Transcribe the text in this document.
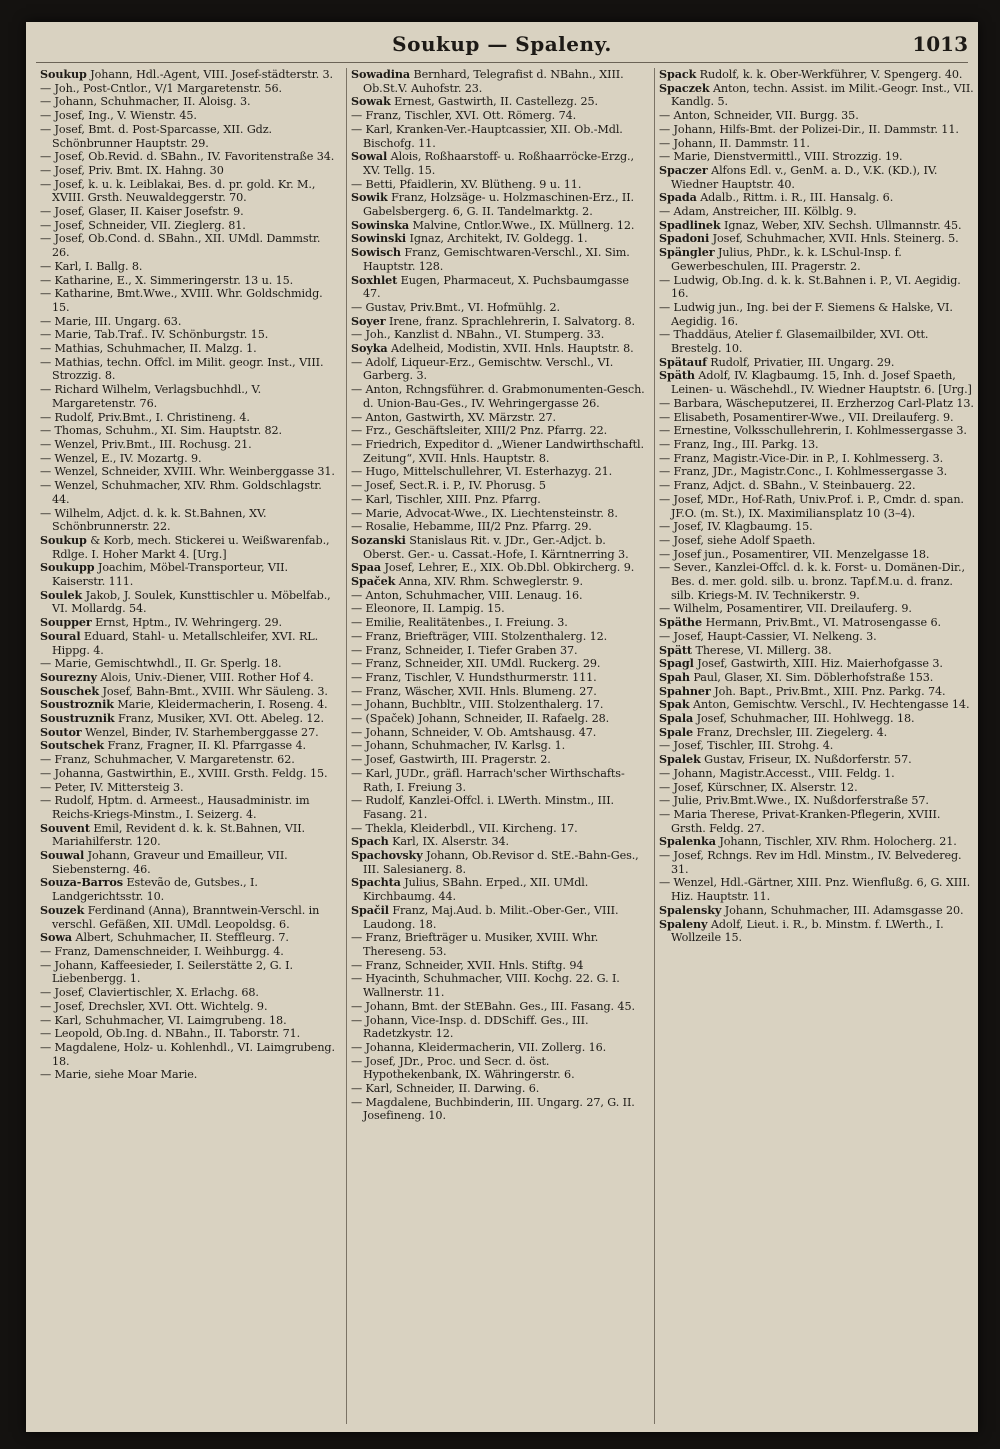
Soukup — Spaleny.	1013

Soukup Johann, Hdl.-Agent, VIII. Josef-städterstr. 3.

— Joh., Post-Cntlor., V/1 Margaretenstr. 56.

— Johann, Schuhmacher, II. Aloisg. 3.

— Josef, Ing., V. Wienstr. 45.

— Josef, Bmt. d. Post-Sparcasse, XII. Gdz. Schönbrunner Hauptstr. 29.

— Josef, Ob.Revid. d. SBahn., IV. Favoritenstraße 34.

— Josef, Priv. Bmt. IX. Hahng. 30

— Josef, k. u. k. Leiblakai, Bes. d. pr. gold. Kr. M., XVIII. Grsth. Neuwaldeggerstr. 70.

— Josef, Glaser, II. Kaiser Josefstr. 9.

— Josef, Schneider, VII. Zieglerg. 81.

— Josef, Ob.Cond. d. SBahn., XII. UMdl. Dammstr. 26.

— Karl, I. Ballg. 8.

— Katharine, E., X. Simmeringerstr. 13 u. 15.

— Katharine, Bmt.Wwe., XVIII. Whr. Goldschmidg. 15.

— Marie, III. Ungarg. 63.

— Marie, Tab.Traf.. IV. Schönburgstr. 15.

— Mathias, Schuhmacher, II. Malzg. 1.

— Mathias, techn. Offcl. im Milit. geogr. Inst., VIII. Strozzig. 8.

— Richard Wilhelm, Verlagsbuchhdl., V. Margaretenstr. 76.

— Rudolf, Priv.Bmt., I. Christineng. 4.

— Thomas, Schuhm., XI. Sim. Hauptstr. 82.

— Wenzel, Priv.Bmt., III. Rochusg. 21.

— Wenzel, E., IV. Mozartg. 9.

— Wenzel, Schneider, XVIII. Whr. Weinberggasse 31.

— Wenzel, Schuhmacher, XIV. Rhm. Goldschlagstr. 44.

— Wilhelm, Adjct. d. k. k. St.Bahnen, XV. Schönbrunnerstr. 22.

Soukup & Korb, mech. Stickerei u. Weißwarenfab., Rdlge. I. Hoher Markt 4. [Urg.]

Soukupp Joachim, Möbel-Transporteur, VII. Kaiserstr. 111.

Soulek Jakob, J. Soulek, Kunsttischler u. Möbelfab., VI. Mollardg. 54.

Soupper Ernst, Hptm., IV. Wehringerg. 29.

Soural Eduard, Stahl- u. Metallschleifer, XVI. RL. Hippg. 4.

— Marie, Gemischtwhdl., II. Gr. Sperlg. 18.

Sourezny Alois, Univ.-Diener, VIII. Rother Hof 4.

Souschek Josef, Bahn-Bmt., XVIII. Whr Säuleng. 3.

Soustroznik Marie, Kleidermacherin, I. Roseng. 4.

Soustruznik Franz, Musiker, XVI. Ott. Abeleg. 12.

Soutor Wenzel, Binder, IV. Starhemberggasse 27.

Soutschek Franz, Fragner, II. Kl. Pfarrgasse 4.

— Franz, Schuhmacher, V. Margaretenstr. 62.

— Johanna, Gastwirthin, E., XVIII. Grsth. Feldg. 15.

— Peter, IV. Mittersteig 3.

— Rudolf, Hptm. d. Armeest., Hausadministr. im Reichs-Kriegs-Minstm., I. Seizerg. 4.

Souvent Emil, Revident d. k. k. St.Bahnen, VII. Mariahilferstr. 120.

Souwal Johann, Graveur und Emailleur, VII. Siebensterng. 46.

Souza-Barros Estevão de, Gutsbes., I. Landgerichtsstr. 10.

Souzek Ferdinand (Anna), Branntwein-Verschl. in verschl. Gefäßen, XII. UMdl. Leopoldsg. 6.

Sowa Albert, Schuhmacher, II. Steffleurg. 7.

— Franz, Damenschneider, I. Weihburgg. 4.

— Johann, Kaffeesieder, I. Seilerstätte 2, G. I. Liebenbergg. 1.

— Josef, Claviertischler, X. Erlachg. 68.

— Josef, Drechsler, XVI. Ott. Wichtelg. 9.

— Karl, Schuhmacher, VI. Laimgrubeng. 18.

— Leopold, Ob.Ing. d. NBahn., II. Taborstr. 71.

— Magdalene, Holz- u. Kohlenhdl., VI. Laimgrubeng. 18.

— Marie, siehe Moar Marie.

Sowadina Bernhard, Telegrafist d. NBahn., XIII. Ob.St.V. Auhofstr. 23.

Sowak Ernest, Gastwirth, II. Castellezg. 25.

— Franz, Tischler, XVI. Ott. Römerg. 74.

— Karl, Kranken-Ver.-Hauptcassier, XII. Ob.-Mdl. Bischofg. 11.

Sowal Alois, Roßhaarstoff- u. Roßhaarröcke-Erzg., XV. Tellg. 15.

— Betti, Pfaidlerin, XV. Blütheng. 9 u. 11.

Sowik Franz, Holzsäge- u. Holzmaschinen-Erz., II. Gabelsbergerg. 6, G. II. Tandelmarktg. 2.

Sowinska Malvine, Cntlor.Wwe., IX. Müllnerg. 12.

Sowinski Ignaz, Architekt, IV. Goldegg. 1.

Sowisch Franz, Gemischtwaren-Verschl., XI. Sim. Hauptstr. 128.

Soxhlet Eugen, Pharmaceut, X. Puchsbaumgasse 47.

— Gustav, Priv.Bmt., VI. Hofmühlg. 2.

Soyer Irene, franz. Sprachlehrerin, I. Salvatorg. 8.

— Joh., Kanzlist d. NBahn., VI. Stumperg. 33.

Soyka Adelheid, Modistin, XVII. Hnls. Hauptstr. 8.

— Adolf, Liqueur-Erz., Gemischtw. Verschl., VI. Garberg. 3.

— Anton, Rchngsführer. d. Grabmonumenten-Gesch. d. Union-Bau-Ges., IV. Wehringergasse 26.

— Anton, Gastwirth, XV. Märzstr. 27.

— Frz., Geschäftsleiter, XIII/2 Pnz. Pfarrg. 22.

— Friedrich, Expeditor d. „Wiener Landwirthschaftl. Zeitung“, XVII. Hnls. Hauptstr. 8.

— Hugo, Mittelschullehrer, VI. Esterhazyg. 21.

— Josef, Sect.R. i. P., IV. Phorusg. 5

— Karl, Tischler, XIII. Pnz. Pfarrg.

— Marie, Advocat-Wwe., IX. Liechtensteinstr. 8.

— Rosalie, Hebamme, III/2 Pnz. Pfarrg. 29.

Sozanski Stanislaus Rit. v. JDr., Ger.-Adjct. b. Oberst. Ger.- u. Cassat.-Hofe, I. Kärntnerring 3.

Spaa Josef, Lehrer, E., XIX. Ob.Dbl. Obkircherg. 9.

Spaček Anna, XIV. Rhm. Schweglerstr. 9.

— Anton, Schuhmacher, VIII. Lenaug. 16.

— Eleonore, II. Lampig. 15.

— Emilie, Realitätenbes., I. Freiung. 3.

— Franz, Briefträger, VIII. Stolzenthalerg. 12.

— Franz, Schneider, I. Tiefer Graben 37.

— Franz, Schneider, XII. UMdl. Ruckerg. 29.

— Franz, Tischler, V. Hundsthurmerstr. 111.

— Franz, Wäscher, XVII. Hnls. Blumeng. 27.

— Johann, Buchbltr., VIII. Stolzenthalerg. 17.

— (Spaček) Johann, Schneider, II. Rafaelg. 28.

— Johann, Schneider, V. Ob. Amtshausg. 47.

— Johann, Schuhmacher, IV. Karlsg. 1.

— Josef, Gastwirth, III. Pragerstr. 2.

— Karl, JUDr., gräfl. Harrach'scher Wirthschafts-Rath, I. Freiung 3.

— Rudolf, Kanzlei-Offcl. i. LWerth. Minstm., III. Fasang. 21.

— Thekla, Kleiderbdl., VII. Kircheng. 17.

Spach Karl, IX. Alserstr. 34.

Spachovsky Johann, Ob.Revisor d. StE.-Bahn-Ges., III. Salesianerg. 8.

Spachta Julius, SBahn. Erped., XII. UMdl. Kirchbaumg. 44.

Spačil Franz, Maj.Aud. b. Milit.-Ober-Ger., VIII. Laudong. 18.

— Franz, Briefträger u. Musiker, XVIII. Whr. Thereseng. 53.

— Franz, Schneider, XVII. Hnls. Stiftg. 94

— Hyacinth, Schuhmacher, VIII. Kochg. 22. G. I. Wallnerstr. 11.

— Johann, Bmt. der StEBahn. Ges., III. Fasang. 45.

— Johann, Vice-Insp. d. DDSchiff. Ges., III. Radetzkystr. 12.

— Johanna, Kleidermacherin, VII. Zollerg. 16.

— Josef, JDr., Proc. und Secr. d. öst. Hypothekenbank, IX. Währingerstr. 6.

— Karl, Schneider, II. Darwing. 6.

— Magdalene, Buchbinderin, III. Ungarg. 27, G. II. Josefineng. 10.

Spack Rudolf, k. k. Ober-Werkführer, V. Spengerg. 40.

Spaczek Anton, techn. Assist. im Milit.-Geogr. Inst., VII. Kandlg. 5.

— Anton, Schneider, VII. Burgg. 35.

— Johann, Hilfs-Bmt. der Polizei-Dir., II. Dammstr. 11.

— Johann, II. Dammstr. 11.

— Marie, Dienstvermittl., VIII. Strozzig. 19.

Spaczer Alfons Edl. v., GenM. a. D., V.K. (KD.), IV. Wiedner Hauptstr. 40.

Spada Adalb., Rittm. i. R., III. Hansalg. 6.

— Adam, Anstreicher, III. Kölblg. 9.

Spadlinek Ignaz, Weber, XIV. Sechsh. Ullmannstr. 45.

Spadoni Josef, Schuhmacher, XVII. Hnls. Steinerg. 5.

Spängler Julius, PhDr., k. k. LSchul-Insp. f. Gewerbeschulen, III. Pragerstr. 2.

— Ludwig, Ob.Ing. d. k. k. St.Bahnen i. P., VI. Aegidig. 16.

— Ludwig jun., Ing. bei der F. Siemens & Halske, VI. Aegidig. 16.

— Thaddäus, Atelier f. Glasemailbilder, XVI. Ott. Brestelg. 10.

Spätauf Rudolf, Privatier, III. Ungarg. 29.

Späth Adolf, IV. Klagbaumg. 15, Inh. d. Josef Spaeth, Leinen- u. Wäschehdl., IV. Wiedner Hauptstr. 6. [Urg.]

— Barbara, Wäscheputzerei, II. Erzherzog Carl-Platz 13.

— Elisabeth, Posamentirer-Wwe., VII. Dreilauferg. 9.

— Ernestine, Volksschullehrerin, I. Kohlmessergasse 3.

— Franz, Ing., III. Parkg. 13.

— Franz, Magistr.-Vice-Dir. in P., I. Kohlmesserg. 3.

— Franz, JDr., Magistr.Conc., I. Kohlmessergasse 3.

— Franz, Adjct. d. SBahn., V. Steinbauerg. 22.

— Josef, MDr., Hof-Rath, Univ.Prof. i. P., Cmdr. d. span. JF.O. (m. St.), IX. Maximiliansplatz 10 (3–4).

— Josef, IV. Klagbaumg. 15.

— Josef, siehe Adolf Spaeth.

— Josef jun., Posamentirer, VII. Menzelgasse 18.

— Sever., Kanzlei-Offcl. d. k. k. Forst- u. Domänen-Dir., Bes. d. mer. gold. silb. u. bronz. Tapf.M.u. d. franz. silb. Kriegs-M. IV. Technikerstr. 9.

— Wilhelm, Posamentirer, VII. Dreilauferg. 9.

Späthe Hermann, Priv.Bmt., VI. Matrosengasse 6.

— Josef, Haupt-Cassier, VI. Nelkeng. 3.

Spätt Therese, VI. Millerg. 38.

Spagl Josef, Gastwirth, XIII. Hiz. Maierhofgasse 3.

Spah Paul, Glaser, XI. Sim. Döblerhofstraße 153.

Spahner Joh. Bapt., Priv.Bmt., XIII. Pnz. Parkg. 74.

Spak Anton, Gemischtw. Verschl., IV. Hechtengasse 14.

Spala Josef, Schuhmacher, III. Hohlwegg. 18.

Spale Franz, Drechsler, III. Ziegelerg. 4.

— Josef, Tischler, III. Strohg. 4.

Spalek Gustav, Friseur, IX. Nußdorferstr. 57.

— Johann, Magistr.Accesst., VIII. Feldg. 1.

— Josef, Kürschner, IX. Alserstr. 12.

— Julie, Priv.Bmt.Wwe., IX. Nußdorferstraße 57.

— Maria Therese, Privat-Kranken-Pflegerin, XVIII. Grsth. Feldg. 27.

Spalenka Johann, Tischler, XIV. Rhm. Holocherg. 21.

— Josef, Rchngs. Rev im Hdl. Minstm., IV. Belvedereg. 31.

— Wenzel, Hdl.-Gärtner, XIII. Pnz. Wienflußg. 6, G. XIII. Hiz. Hauptstr. 11.

Spalensky Johann, Schuhmacher, III. Adamsgasse 20.

Spaleny Adolf, Lieut. i. R., b. Minstm. f. LWerth., I. Wollzeile 15.
